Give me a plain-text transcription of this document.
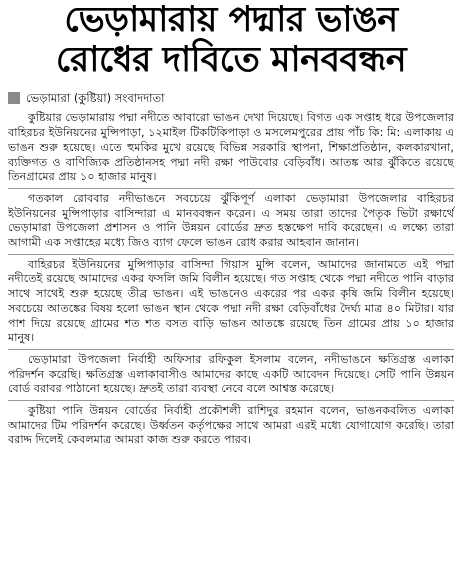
ভেড়ামারায় পদ্মার ভাঙন
রোধের দাবিতে মানববন্ধন
ভেড়ামারা (কুষ্টিয়া) সংবাদদাতা

কুষ্টিয়ার ভেড়ামারায় পদ্মা নদীতে আবারো ভাঙন দেখা দিয়েছে। বিগত এক সপ্তাহ ধরে উপজেলার বাহিরচর ইউনিয়নের মুন্সিপাড়া, ১২মাইল টিকটিকিপাড়া ও মসলেমপুরের প্রায় পাঁচ কি: মি: এলাকায় এ ভাঙন শুরু হয়েছে। এতে হুমকির মুখে রয়েছে বিভিন্ন সরকারি স্থাপনা, শিক্ষাপ্রতিষ্ঠান, কলকারখানা, ব্যক্তিগত ও বাণিজ্যিক প্রতিষ্ঠানসহ পদ্মা নদী রক্ষা পাউবোর বেড়িবাঁধ। আতঙ্ক আর ঝুঁকিতে রয়েছে তিনগ্রামের প্রায় ১০ হাজার মানুষ।

গতকাল রোববার নদীভাঙনে সবচেয়ে ঝুঁকিপূর্ণ এলাকা ভেড়ামারা উপজেলার বাহিরচর ইউনিয়নের মুন্সিপাড়ার বাসিন্দারা এ মানববন্ধন করেন। এ সময় তারা তাদের পৈতৃক ভিটা রক্ষার্থে ভেড়ামারা উপজেলা প্রশাসন ও পানি উন্নয়ন বোর্ডের দ্রুত হস্তক্ষেপ দাবি করেছেন। এ লক্ষ্যে তারা আগামী এক সপ্তাহের মধ্যে জিও ব্যাগ ফেলে ভাঙন রোধ করার আহবান জানান।

বাহিরচর ইউনিয়নের মুন্সিপাড়ার বাসিন্দা গিয়াস মুন্সি বলেন, আমাদের জানামতে এই পদ্মা নদীতেই রয়েছে আমাদের একর ফসলি জমি বিলীন হয়েছে। গত সপ্তাহ থেকে পদ্মা নদীতে পানি বাড়ার সাথে সাথেই শুরু হয়েছে তীব্র ভাঙন। এই ভাঙনেও একরের পর একর কৃষি জমি বিলীন হয়েছে। সবচেয়ে আতঙ্কের বিষয় হলো ভাঙন স্থান থেকে পদ্মা নদী রক্ষা বেড়িবাঁধের দৈর্ঘ্য মাত্র ৪০ মিটার। যার পাশ দিয়ে রয়েছে গ্রামের শত শত বসত বাড়ি ভাঙন আতঙ্কে রয়েছে তিন গ্রামের প্রায় ১০ হাজার মানুষ।

ভেড়ামারা উপজেলা নির্বাহী অফিসার রফিকুল ইসলাম বলেন, নদীভাঙনে ক্ষতিগ্রস্ত এলাকা পরিদর্শন করেছি। ক্ষতিগ্রস্ত এলাকাবাসীও আমাদের কাছে একটি আবেদন দিয়েছে। সেটি পানি উন্নয়ন বোর্ড বরাবর পাঠানো হয়েছে। দ্রুতই তারা ব্যবস্থা নেবে বলে আশ্বস্ত করেছে।

কুষ্টিয়া পানি উন্নয়ন বোর্ডের নির্বাহী প্রকৌশলী রাশিদুর রহমান বলেন, ভাঙনকবলিত এলাকা আমাদের টিম পরিদর্শন করেছে। উর্ধ্বতন কর্তৃপক্ষের সাথে আমরা এরই মধ্যে যোগাযোগ করেছি। তারা বরাদ্দ দিলেই কেবলমাত্র আমরা কাজ শুরু করতে পারব।
